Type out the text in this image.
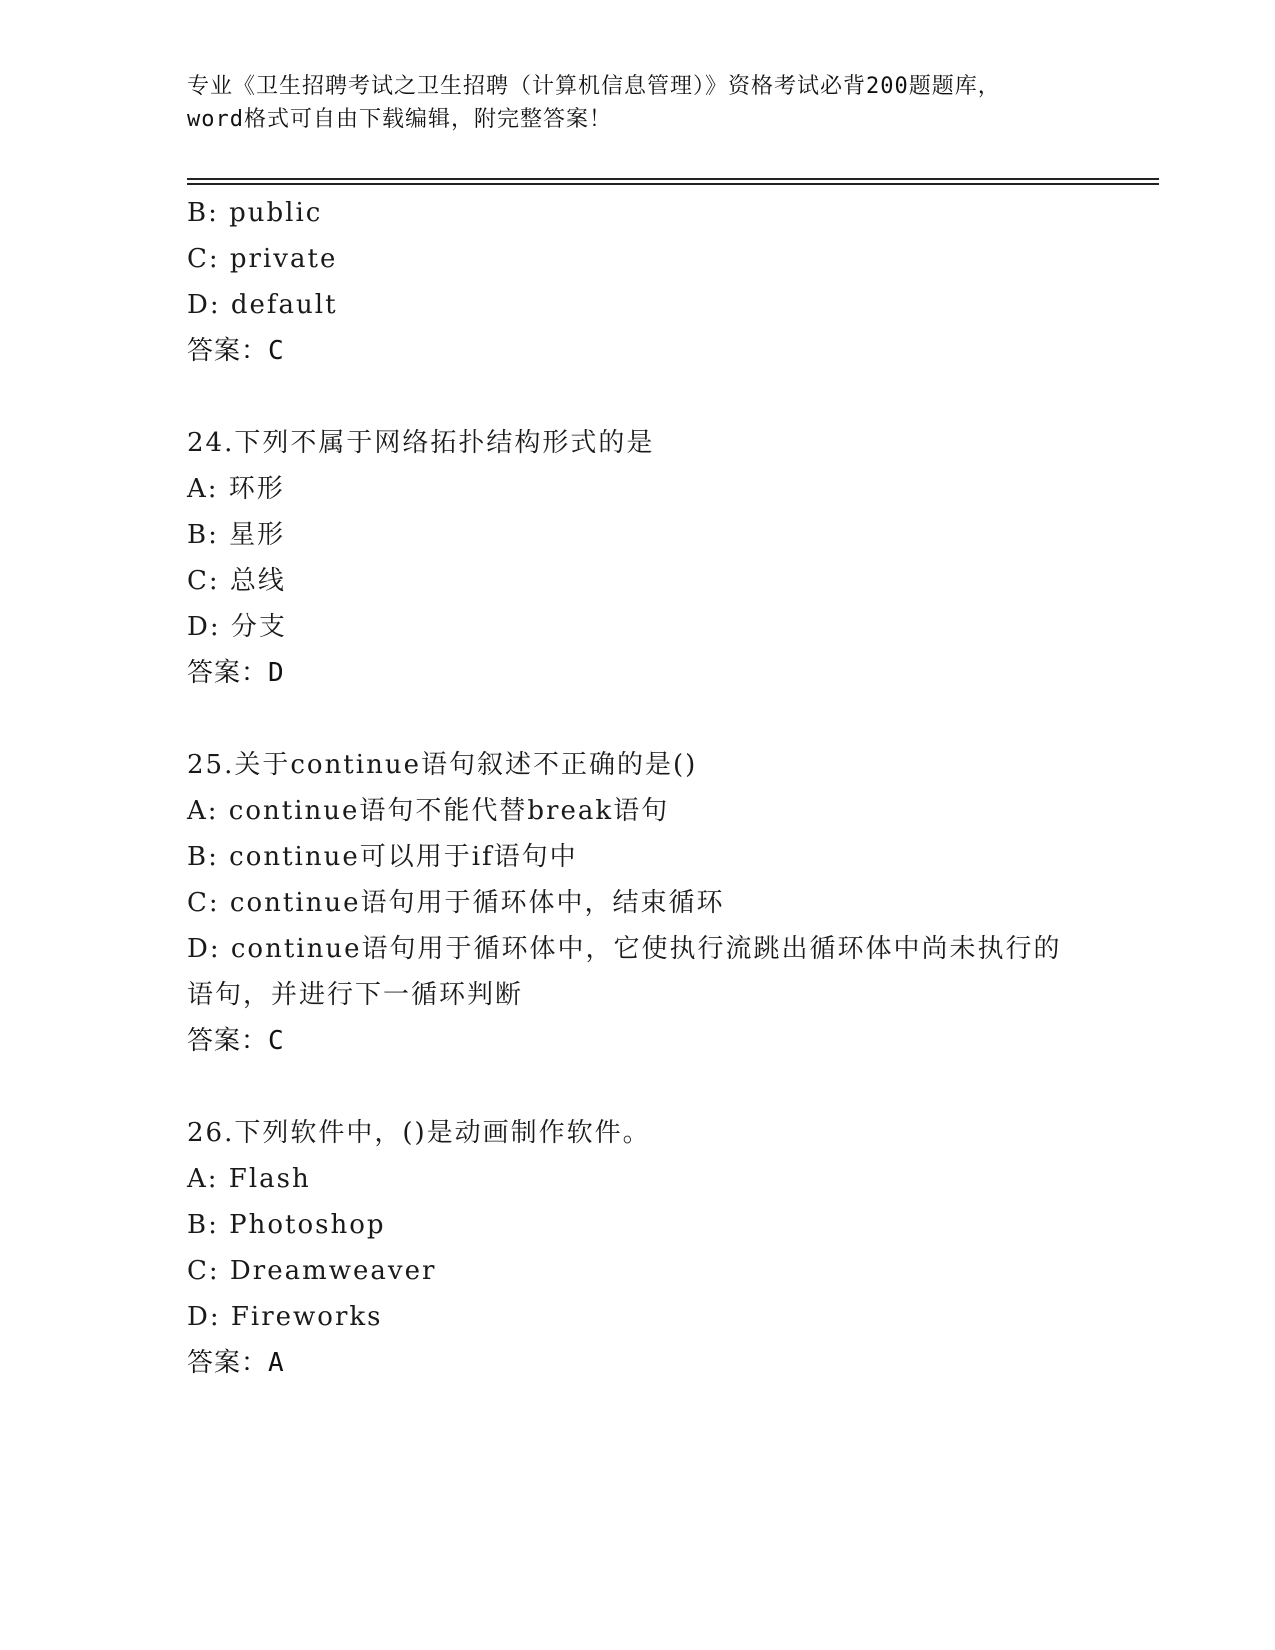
专业《卫生招聘考试之卫生招聘（计算机信息管理）》资格考试必背200题题库，
word格式可自由下载编辑，附完整答案！
B: public
C: private
D: default
答案：C
24.下列不属于网络拓扑结构形式的是
A: 环形
B: 星形
C: 总线
D: 分支
答案：D
25.关于continue语句叙述不正确的是()
A: continue语句不能代替break语句
B: continue可以用于if语句中
C: continue语句用于循环体中，结束循环
D: continue语句用于循环体中，它使执行流跳出循环体中尚未执行的
语句，并进行下一循环判断
答案：C
26.下列软件中，()是动画制作软件。
A: Flash
B: Photoshop
C: Dreamweaver
D: Fireworks
答案：A
